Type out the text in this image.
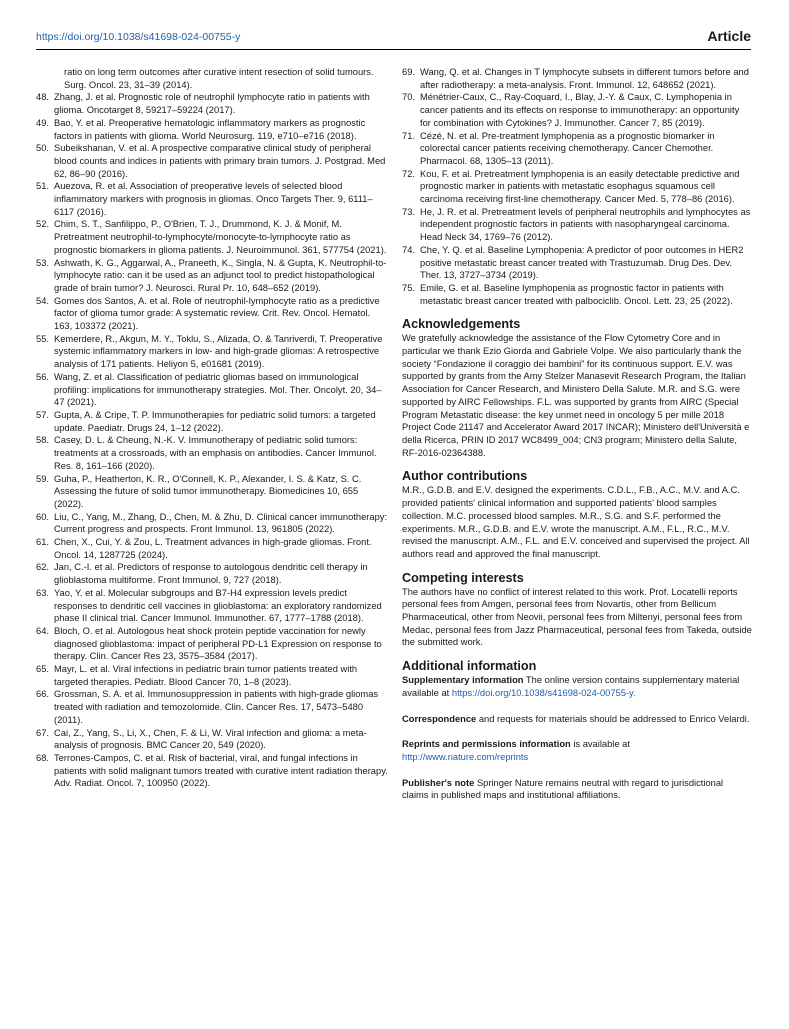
https://doi.org/10.1038/s41698-024-00755-y	Article
ratio on long term outcomes after curative intent resection of solid tumours. Surg. Oncol. 23, 31–39 (2014).
48. Zhang, J. et al. Prognostic role of neutrophil lymphocyte ratio in patients with glioma. Oncotarget 8, 59217–59224 (2017).
49. Bao, Y. et al. Preoperative hematologic inflammatory markers as prognostic factors in patients with glioma. World Neurosurg. 119, e710–e716 (2018).
50. Subeikshanan, V. et al. A prospective comparative clinical study of peripheral blood counts and indices in patients with primary brain tumors. J. Postgrad. Med 62, 86–90 (2016).
51. Auezova, R. et al. Association of preoperative levels of selected blood inflammatory markers with prognosis in gliomas. Onco Targets Ther. 9, 6111–6117 (2016).
52. Chim, S. T., Sanfilippo, P., O'Brien, T. J., Drummond, K. J. & Monif, M. Pretreatment neutrophil-to-lymphocyte/monocyte-to-lymphocyte ratio as prognostic biomarkers in glioma patients. J. Neuroimmunol. 361, 577754 (2021).
53. Ashwath, K. G., Aggarwal, A., Praneeth, K., Singla, N. & Gupta, K. Neutrophil-to-lymphocyte ratio: can it be used as an adjunct tool to predict histopathological grade of brain tumor? J. Neurosci. Rural Pr. 10, 648–652 (2019).
54. Gomes dos Santos, A. et al. Role of neutrophil-lymphocyte ratio as a predictive factor of glioma tumor grade: A systematic review. Crit. Rev. Oncol. Hematol. 163, 103372 (2021).
55. Kemerdere, R., Akgun, M. Y., Toklu, S., Alizada, O. & Tanriverdi, T. Preoperative systemic inflammatory markers in low- and high-grade gliomas: A retrospective analysis of 171 patients. Heliyon 5, e01681 (2019).
56. Wang, Z. et al. Classification of pediatric gliomas based on immunological profiling: implications for immunotherapy strategies. Mol. Ther. Oncolyt. 20, 34–47 (2021).
57. Gupta, A. & Cripe, T. P. Immunotherapies for pediatric solid tumors: a targeted update. Paediatr. Drugs 24, 1–12 (2022).
58. Casey, D. L. & Cheung, N.-K. V. Immunotherapy of pediatric solid tumors: treatments at a crossroads, with an emphasis on antibodies. Cancer Immunol. Res. 8, 161–166 (2020).
59. Guha, P., Heatherton, K. R., O'Connell, K. P., Alexander, I. S. & Katz, S. C. Assessing the future of solid tumor immunotherapy. Biomedicines 10, 655 (2022).
60. Liu, C., Yang, M., Zhang, D., Chen, M. & Zhu, D. Clinical cancer immunotherapy: Current progress and prospects. Front Immunol. 13, 961805 (2022).
61. Chen, X., Cui, Y. & Zou, L. Treatment advances in high-grade gliomas. Front. Oncol. 14, 1287725 (2024).
62. Jan, C.-I. et al. Predictors of response to autologous dendritic cell therapy in glioblastoma multiforme. Front Immunol. 9, 727 (2018).
63. Yao, Y. et al. Molecular subgroups and B7-H4 expression levels predict responses to dendritic cell vaccines in glioblastoma: an exploratory randomized phase II clinical trial. Cancer Immunol. Immunother. 67, 1777–1788 (2018).
64. Bloch, O. et al. Autologous heat shock protein peptide vaccination for newly diagnosed glioblastoma: impact of peripheral PD-L1 Expression on response to therapy. Clin. Cancer Res 23, 3575–3584 (2017).
65. Mayr, L. et al. Viral infections in pediatric brain tumor patients treated with targeted therapies. Pediatr. Blood Cancer 70, 1–8 (2023).
66. Grossman, S. A. et al. Immunosuppression in patients with high-grade gliomas treated with radiation and temozolomide. Clin. Cancer Res. 17, 5473–5480 (2011).
67. Cai, Z., Yang, S., Li, X., Chen, F. & Li, W. Viral infection and glioma: a meta-analysis of prognosis. BMC Cancer 20, 549 (2020).
68. Terrones-Campos, C. et al. Risk of bacterial, viral, and fungal infections in patients with solid malignant tumors treated with curative intent radiation therapy. Adv. Radiat. Oncol. 7, 100950 (2022).
69. Wang, Q. et al. Changes in T lymphocyte subsets in different tumors before and after radiotherapy: a meta-analysis. Front. Immunol. 12, 648652 (2021).
70. Ménétrier-Caux, C., Ray-Coquard, I., Blay, J.-Y. & Caux, C. Lymphopenia in cancer patients and its effects on response to immunotherapy: an opportunity for combination with Cytokines? J. Immunother. Cancer 7, 85 (2019).
71. Cézé, N. et al. Pre-treatment lymphopenia as a prognostic biomarker in colorectal cancer patients receiving chemotherapy. Cancer Chemother. Pharmacol. 68, 1305–13 (2011).
72. Kou, F. et al. Pretreatment lymphopenia is an easily detectable predictive and prognostic marker in patients with metastatic esophagus squamous cell carcinoma receiving first-line chemotherapy. Cancer Med. 5, 778–86 (2016).
73. He, J. R. et al. Pretreatment levels of peripheral neutrophils and lymphocytes as independent prognostic factors in patients with nasopharyngeal carcinoma. Head Neck 34, 1769–76 (2012).
74. Che, Y. Q. et al. Baseline Lymphopenia: A predictor of poor outcomes in HER2 positive metastatic breast cancer treated with Trastuzumab. Drug Des. Dev. Ther. 13, 3727–3734 (2019).
75. Emile, G. et al. Baseline lymphopenia as prognostic factor in patients with metastatic breast cancer treated with palbociclib. Oncol. Lett. 23, 25 (2022).
Acknowledgements

We gratefully acknowledge the assistance of the Flow Cytometry Core and in particular we thank Ezio Giorda and Gabriele Volpe. We also particularly thank the society “Fondazione il coraggio dei bambini” for its continuous support. E.V. was supported by grants from the Amy Stelzer Manasevit Research Program, the Italian Association for Cancer Research, and Ministero Della Salute. M.R. and S.G. were supported by AIRC Fellowships. F.L. was supported by grants from AIRC (Special Program Metastatic disease: the key unmet need in oncology 5 per mille 2018 Project Code 21147 and Accelerator Award 2017 INCAR); Ministero dell'Università e della Ricerca, PRIN ID 2017 WC8499_004; CN3 program; Ministero della Salute, RF-2016-02364388.

Author contributions

M.R., G.D.B. and E.V. designed the experiments. C.D.L., F.B., A.C., M.V. and A.C. provided patients' clinical information and supported patients' blood samples collection. M.C. processed blood samples. M.R., S.G. and S.F. performed the experiments. M.R., G.D.B. and E.V. wrote the manuscript. A.M., F.L., R.C., M.V. revised the manuscript. A.M., F.L. and E.V. conceived and supervised the project. All authors read and approved the final manuscript.

Competing interests

The authors have no conflict of interest related to this work. Prof. Locatelli reports personal fees from Amgen, personal fees from Novartis, other from Bellicum Pharmaceutical, other from Neovii, personal fees from Miltenyi, personal fees from Medac, personal fees from Jazz Pharmaceutical, personal fees from Takeda, outside the submitted work.

Additional information

Supplementary information The online version contains supplementary material available at https://doi.org/10.1038/s41698-024-00755-y.

Correspondence and requests for materials should be addressed to Enrico Velardi.

Reprints and permissions information is available at http://www.nature.com/reprints

Publisher's note Springer Nature remains neutral with regard to jurisdictional claims in published maps and institutional affiliations.
